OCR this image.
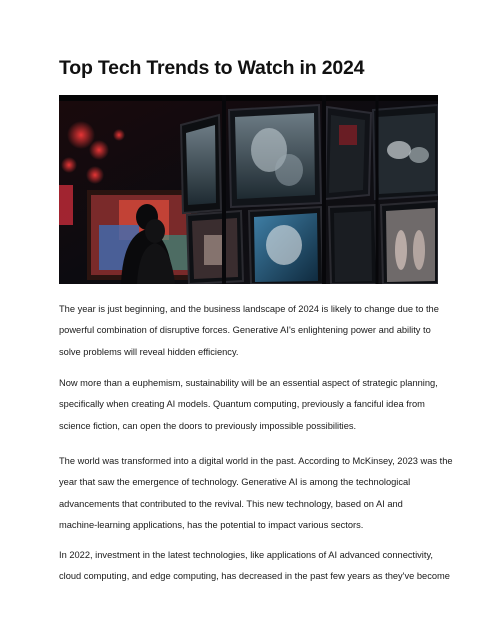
Top Tech Trends to Watch in 2024
The year is just beginning, and the business landscape of 2024 is likely to change due to the
powerful combination of disruptive forces. Generative AI's enlightening power and ability to
solve problems will reveal hidden efficiency.
Now more than a euphemism, sustainability will be an essential aspect of strategic planning,
specifically when creating AI models. Quantum computing, previously a fanciful idea from
science fiction, can open the doors to previously impossible possibilities.
The world was transformed into a digital world in the past. According to McKinsey, 2023 was the
year that saw the emergence of technology. Generative AI is among the technological
advancements that contributed to the revival. This new technology, based on AI and
machine-learning applications, has the potential to impact various sectors.
In 2022, investment in the latest technologies, like applications of AI advanced connectivity,
cloud computing, and edge computing, has decreased in the past few years as they've become
